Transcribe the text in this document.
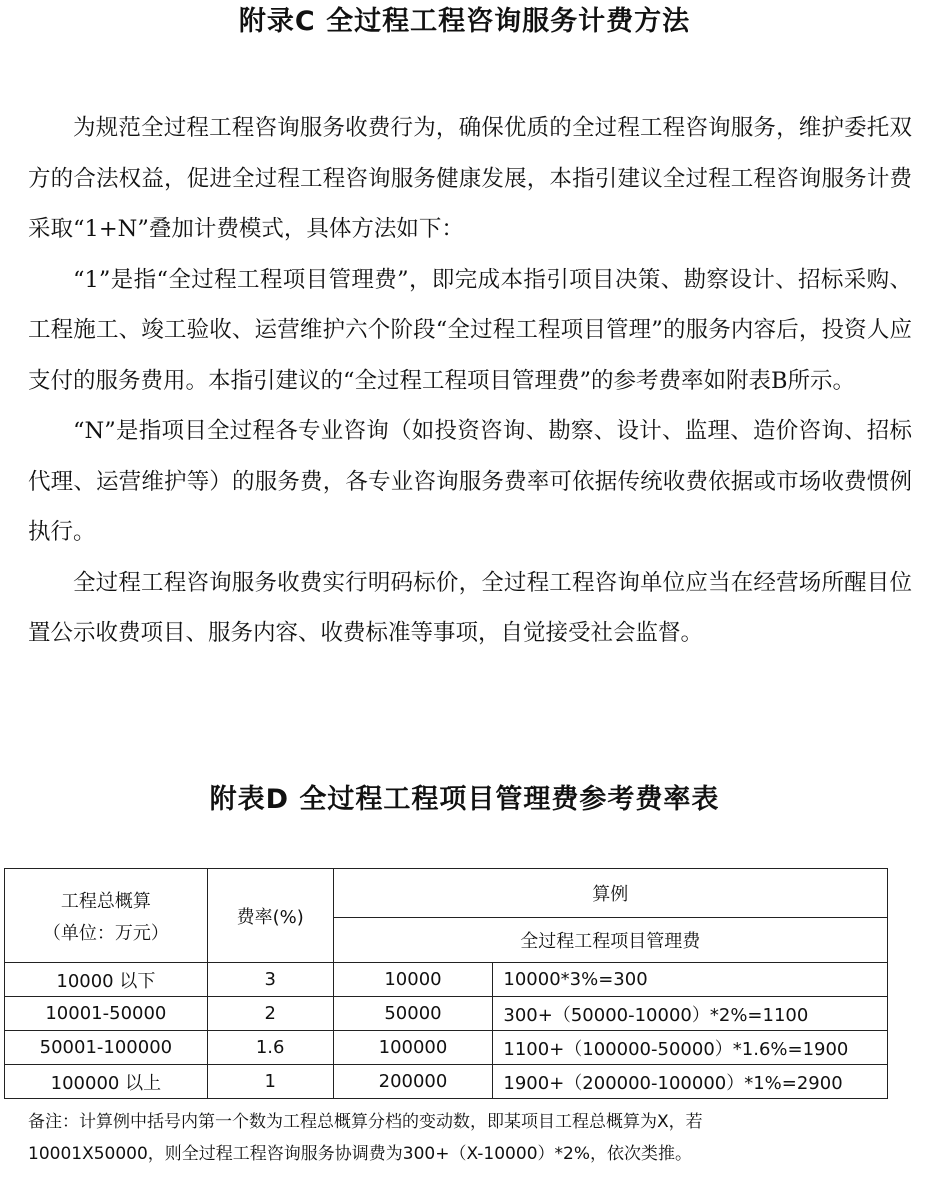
附录C 全过程工程咨询服务计费方法

为规范全过程工程咨询服务收费行为，确保优质的全过程工程咨询服务，维护委托双方的合法权益，促进全过程工程咨询服务健康发展，本指引建议全过程工程咨询服务计费采取“1+N”叠加计费模式，具体方法如下：

“1”是指“全过程工程项目管理费”，即完成本指引项目决策、勘察设计、招标采购、工程施工、竣工验收、运营维护六个阶段“全过程工程项目管理”的服务内容后，投资人应支付的服务费用。本指引建议的“全过程工程项目管理费”的参考费率如附表B所示。

“N”是指项目全过程各专业咨询（如投资咨询、勘察、设计、监理、造价咨询、招标代理、运营维护等）的服务费，各专业咨询服务费率可依据传统收费依据或市场收费惯例执行。

全过程工程咨询服务收费实行明码标价，全过程工程咨询单位应当在经营场所醒目位置公示收费项目、服务内容、收费标准等事项，自觉接受社会监督。

附表D 全过程工程项目管理费参考费率表
工程总概算
（单位：万元）	费率(%)	算例	
		全过程工程项目管理费	
10000 以下	3	10000	10000*3%=300
10001-50000	2	50000	300+（50000-10000）*2%=1100
50001-100000	1.6	100000	1100+（100000-50000）*1.6%=1900
100000 以上	1	200000	1900+（200000-100000）*1%=2900
备注：计算例中括号内第一个数为工程总概算分档的变动数，即某项目工程总概算为X，若
10001X50000，则全过程工程咨询服务协调费为300+（X-10000）*2%，依次类推。
